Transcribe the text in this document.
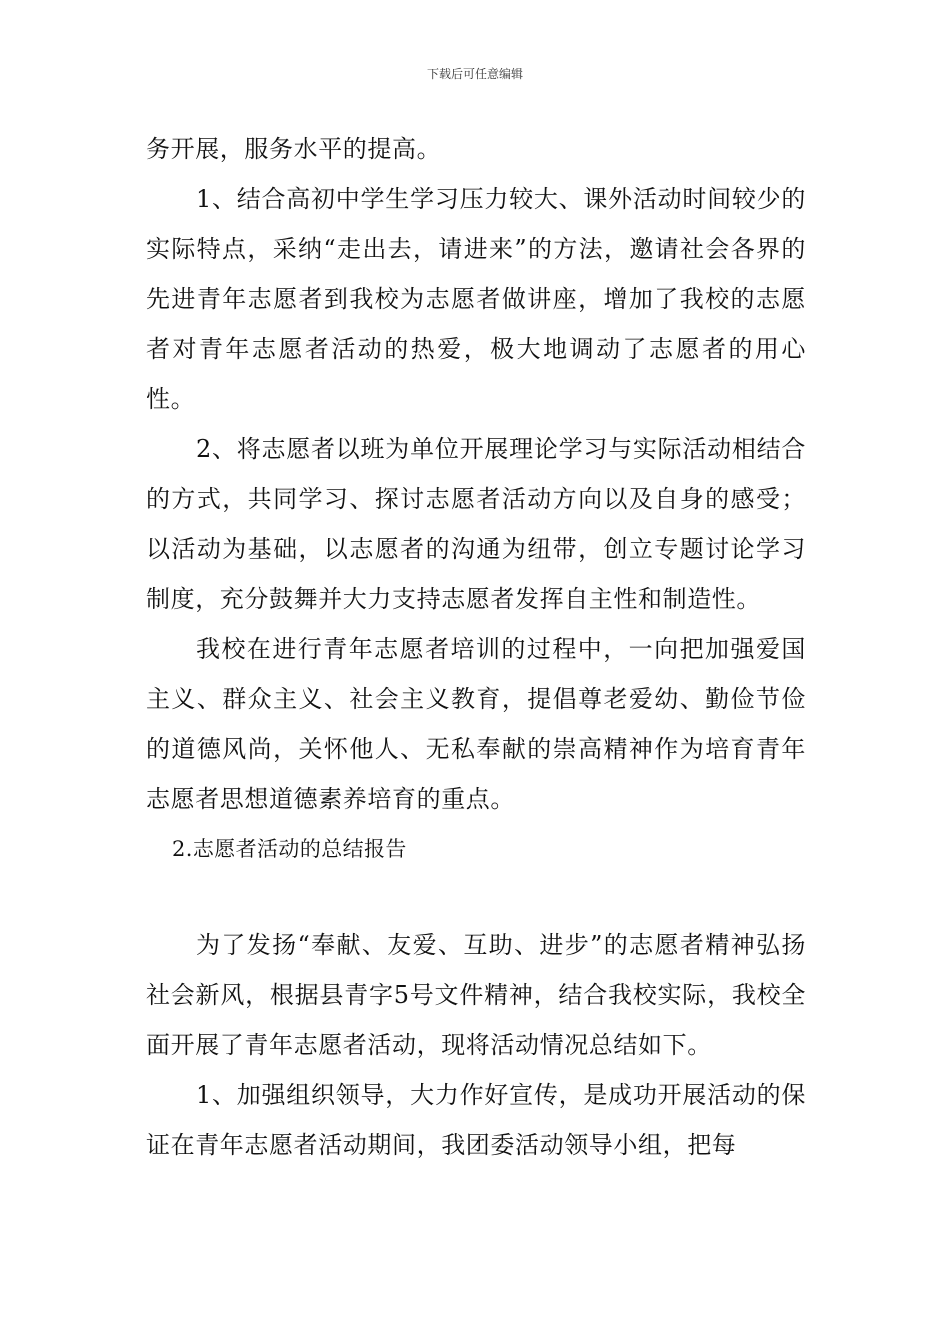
下载后可任意编辑

务开展，服务水平的提高。

1、结合高初中学生学习压力较大、课外活动时间较少的实际特点，采纳“走出去，请进来”的方法，邀请社会各界的先进青年志愿者到我校为志愿者做讲座，增加了我校的志愿者对青年志愿者活动的热爱，极大地调动了志愿者的用心性。

2、将志愿者以班为单位开展理论学习与实际活动相结合的方式，共同学习、探讨志愿者活动方向以及自身的感受；以活动为基础，以志愿者的沟通为纽带，创立专题讨论学习制度，充分鼓舞并大力支持志愿者发挥自主性和制造性。

我校在进行青年志愿者培训的过程中，一向把加强爱国主义、群众主义、社会主义教育，提倡尊老爱幼、勤俭节俭的道德风尚，关怀他人、无私奉献的崇高精神作为培育青年志愿者思想道德素养培育的重点。

2.志愿者活动的总结报告

为了发扬“奉献、友爱、互助、进步”的志愿者精神弘扬社会新风，根据县青字5号文件精神，结合我校实际，我校全面开展了青年志愿者活动，现将活动情况总结如下。

1、加强组织领导，大力作好宣传，是成功开展活动的保证在青年志愿者活动期间，我团委活动领导小组，把每
